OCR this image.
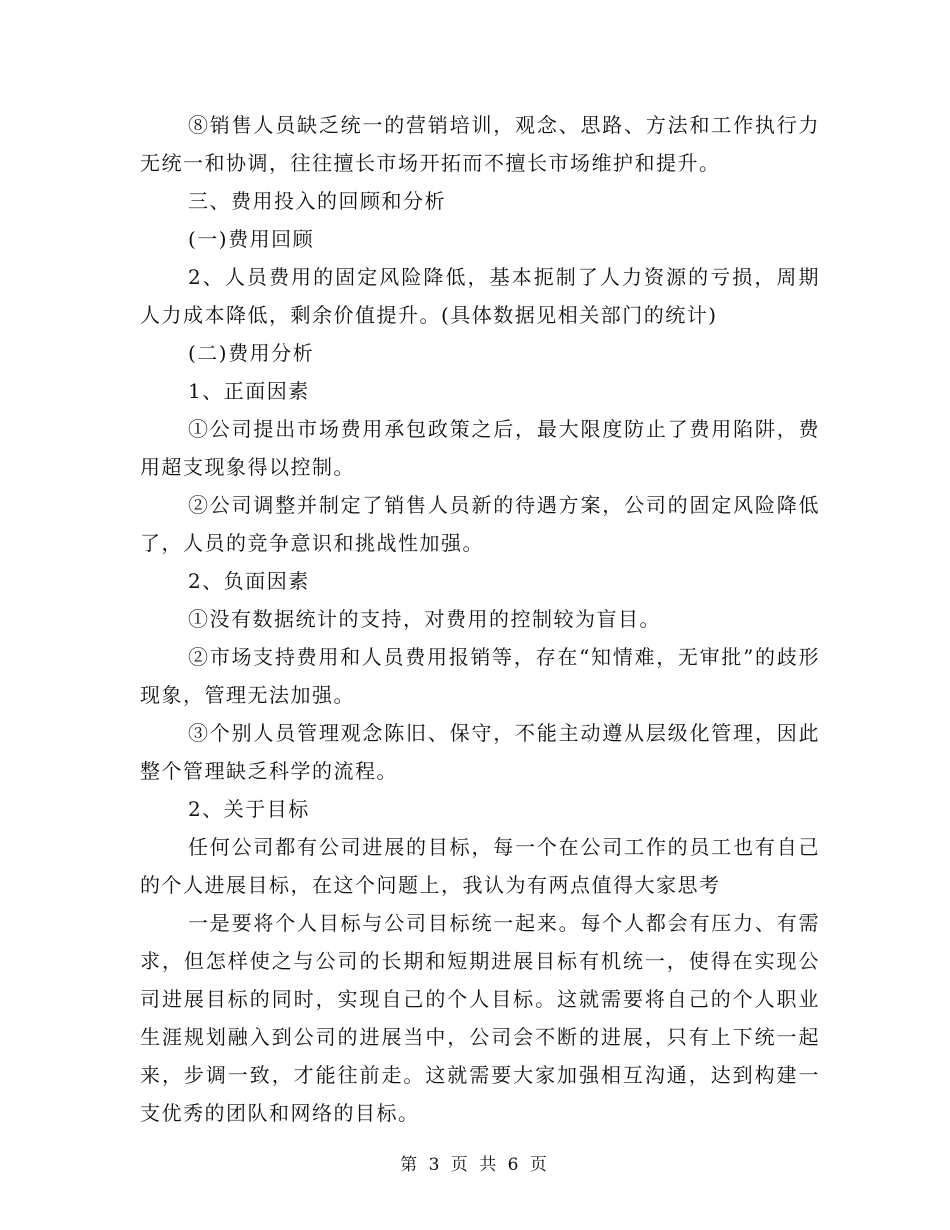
⑧销售人员缺乏统一的营销培训，观念、思路、方法和工作执行力无统一和协调，往往擅长市场开拓而不擅长市场维护和提升。

三、费用投入的回顾和分析

(一)费用回顾

2、人员费用的固定风险降低，基本扼制了人力资源的亏损，周期人力成本降低，剩余价值提升。(具体数据见相关部门的统计)

(二)费用分析

1、正面因素

①公司提出市场费用承包政策之后，最大限度防止了费用陷阱，费用超支现象得以控制。

②公司调整并制定了销售人员新的待遇方案，公司的固定风险降低了，人员的竞争意识和挑战性加强。

2、负面因素

①没有数据统计的支持，对费用的控制较为盲目。

②市场支持费用和人员费用报销等，存在“知情难，无审批”的歧形现象，管理无法加强。

③个别人员管理观念陈旧、保守，不能主动遵从层级化管理，因此整个管理缺乏科学的流程。

2、关于目标

任何公司都有公司进展的目标，每一个在公司工作的员工也有自己的个人进展目标，在这个问题上，我认为有两点值得大家思考

一是要将个人目标与公司目标统一起来。每个人都会有压力、有需求，但怎样使之与公司的长期和短期进展目标有机统一，使得在实现公司进展目标的同时，实现自己的个人目标。这就需要将自己的个人职业生涯规划融入到公司的进展当中，公司会不断的进展，只有上下统一起来，步调一致，才能往前走。这就需要大家加强相互沟通，达到构建一支优秀的团队和网络的目标。

第 3 页 共 6 页
